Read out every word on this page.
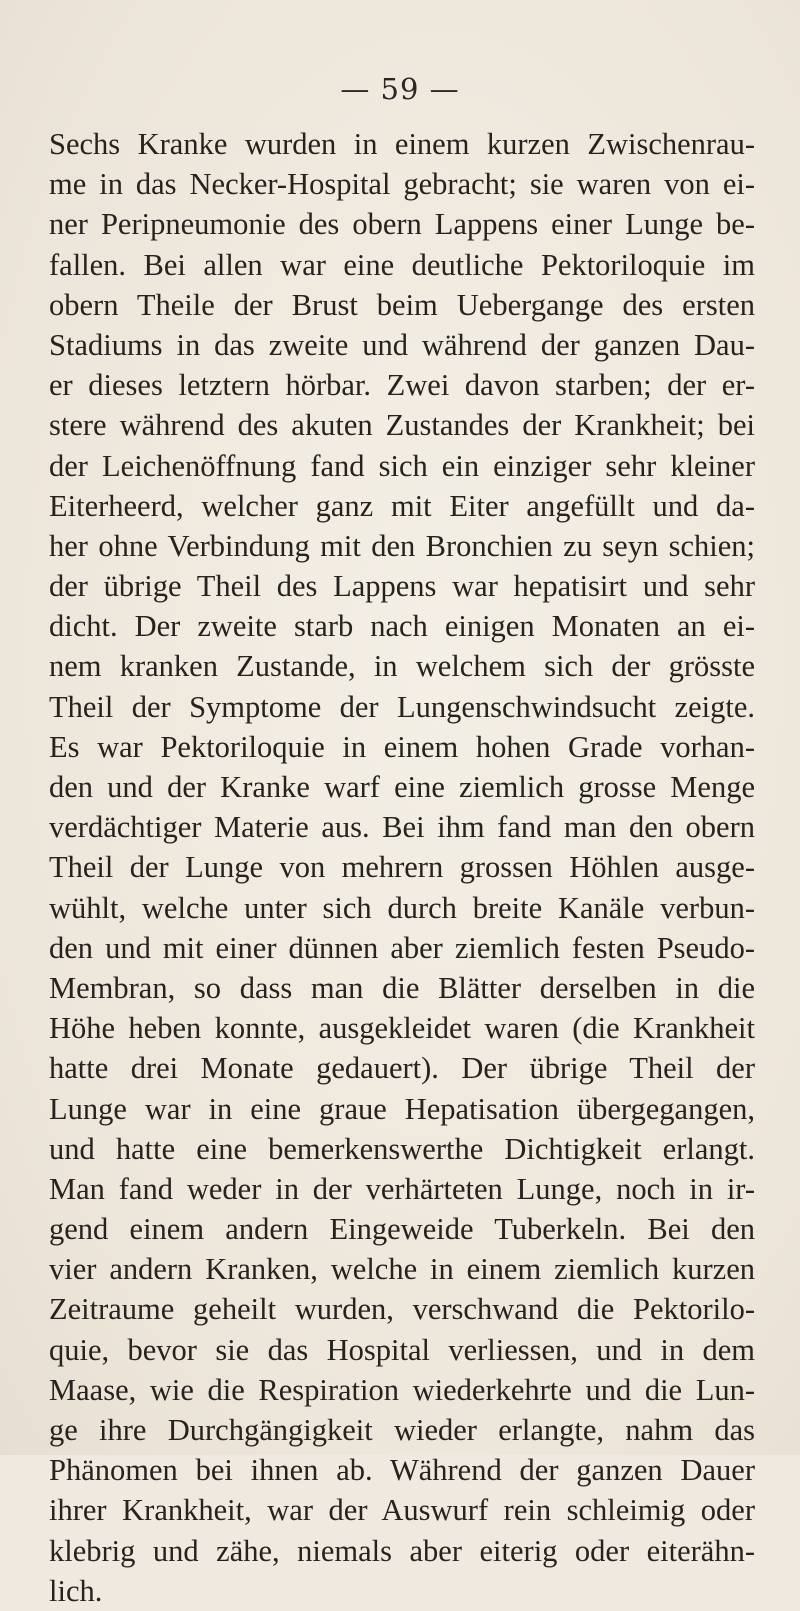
— 59 —
Sechs Kranke wurden in einem kurzen Zwischenrau-
me in das Necker-Hospital gebracht; sie waren von ei-
ner Peripneumonie des obern Lappens einer Lunge be-
fallen. Bei allen war eine deutliche Pektoriloquie im
obern Theile der Brust beim Uebergange des ersten
Stadiums in das zweite und während der ganzen Dau-
er dieses letztern hörbar. Zwei davon starben; der er-
stere während des akuten Zustandes der Krankheit; bei
der Leichenöffnung fand sich ein einziger sehr kleiner
Eiterheerd, welcher ganz mit Eiter angefüllt und da-
her ohne Verbindung mit den Bronchien zu seyn schien;
der übrige Theil des Lappens war hepatisirt und sehr
dicht. Der zweite starb nach einigen Monaten an ei-
nem kranken Zustande, in welchem sich der grösste
Theil der Symptome der Lungenschwindsucht zeigte.
Es war Pektoriloquie in einem hohen Grade vorhan-
den und der Kranke warf eine ziemlich grosse Menge
verdächtiger Materie aus. Bei ihm fand man den obern
Theil der Lunge von mehrern grossen Höhlen ausge-
wühlt, welche unter sich durch breite Kanäle verbun-
den und mit einer dünnen aber ziemlich festen Pseudo-
Membran, so dass man die Blätter derselben in die
Höhe heben konnte, ausgekleidet waren (die Krankheit
hatte drei Monate gedauert). Der übrige Theil der
Lunge war in eine graue Hepatisation übergegangen,
und hatte eine bemerkenswerthe Dichtigkeit erlangt.
Man fand weder in der verhärteten Lunge, noch in ir-
gend einem andern Eingeweide Tuberkeln. Bei den
vier andern Kranken, welche in einem ziemlich kurzen
Zeitraume geheilt wurden, verschwand die Pektorilo-
quie, bevor sie das Hospital verliessen, und in dem
Maase, wie die Respiration wiederkehrte und die Lun-
ge ihre Durchgängigkeit wieder erlangte, nahm das
Phänomen bei ihnen ab. Während der ganzen Dauer
ihrer Krankheit, war der Auswurf rein schleimig oder
klebrig und zähe, niemals aber eiterig oder eiterähn-
lich.
